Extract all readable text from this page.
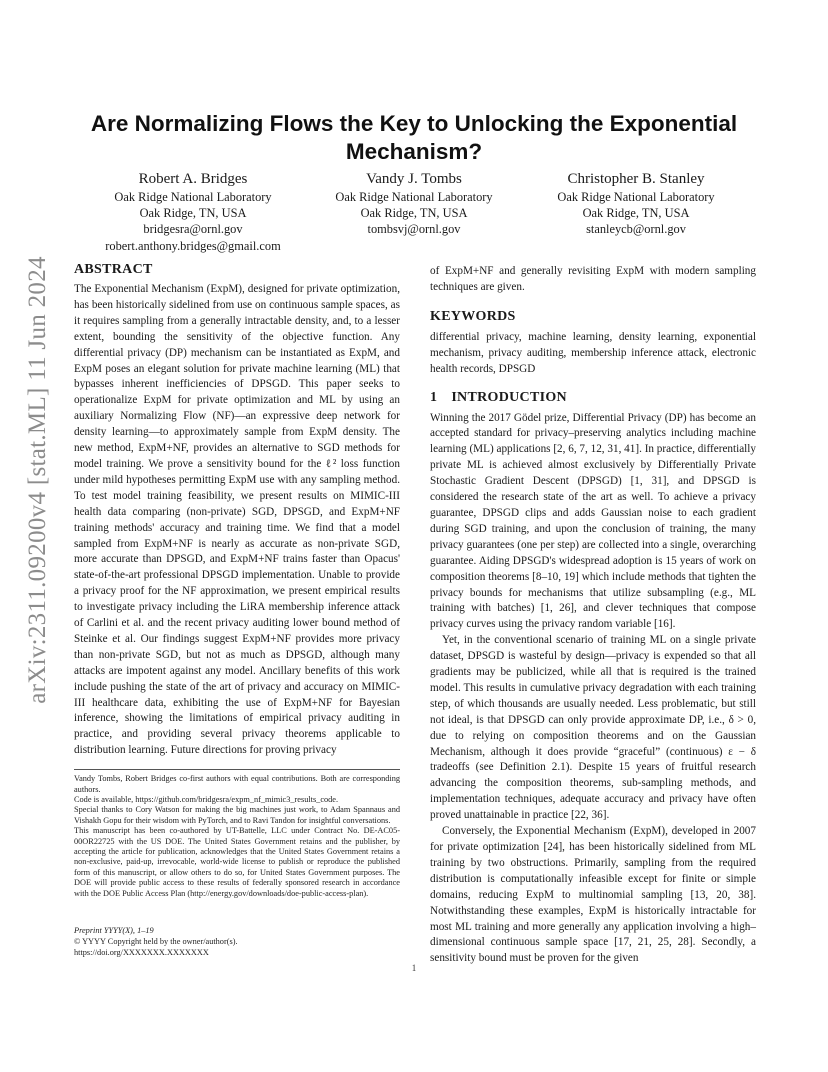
arXiv:2311.09200v4 [stat.ML] 11 Jun 2024
Are Normalizing Flows the Key to Unlocking the Exponential Mechanism?
Robert A. Bridges
Oak Ridge National Laboratory
Oak Ridge, TN, USA
bridgesra@ornl.gov
robert.anthony.bridges@gmail.com
Vandy J. Tombs
Oak Ridge National Laboratory
Oak Ridge, TN, USA
tombsvj@ornl.gov
Christopher B. Stanley
Oak Ridge National Laboratory
Oak Ridge, TN, USA
stanleycb@ornl.gov
ABSTRACT

The Exponential Mechanism (ExpM), designed for private optimization, has been historically sidelined from use on continuous sample spaces, as it requires sampling from a generally intractable density, and, to a lesser extent, bounding the sensitivity of the objective function. Any differential privacy (DP) mechanism can be instantiated as ExpM, and ExpM poses an elegant solution for private machine learning (ML) that bypasses inherent inefficiencies of DPSGD. This paper seeks to operationalize ExpM for private optimization and ML by using an auxiliary Normalizing Flow (NF)—an expressive deep network for density learning—to approximately sample from ExpM density. The new method, ExpM+NF, provides an alternative to SGD methods for model training. We prove a sensitivity bound for the ℓ² loss function under mild hypotheses permitting ExpM use with any sampling method. To test model training feasibility, we present results on MIMIC-III health data comparing (non-private) SGD, DPSGD, and ExpM+NF training methods' accuracy and training time. We find that a model sampled from ExpM+NF is nearly as accurate as non-private SGD, more accurate than DPSGD, and ExpM+NF trains faster than Opacus' state-of-the-art professional DPSGD implementation. Unable to provide a privacy proof for the NF approximation, we present empirical results to investigate privacy including the LiRA membership inference attack of Carlini et al. and the recent privacy auditing lower bound method of Steinke et al. Our findings suggest ExpM+NF provides more privacy than non-private SGD, but not as much as DPSGD, although many attacks are impotent against any model. Ancillary benefits of this work include pushing the state of the art of privacy and accuracy on MIMIC-III healthcare data, exhibiting the use of ExpM+NF for Bayesian inference, showing the limitations of empirical privacy auditing in practice, and providing several privacy theorems applicable to distribution learning. Future directions for proving privacy

Vandy Tombs, Robert Bridges co-first authors with equal contributions. Both are corresponding authors.

Code is available, https://github.com/bridgesra/expm_nf_mimic3_results_code.

Special thanks to Cory Watson for making the big machines just work, to Adam Spannaus and Vishakh Gopu for their wisdom with PyTorch, and to Ravi Tandon for insightful conversations.

This manuscript has been co-authored by UT-Battelle, LLC under Contract No. DE-AC05-00OR22725 with the US DOE. The United States Government retains and the publisher, by accepting the article for publication, acknowledges that the United States Government retains a non-exclusive, paid-up, irrevocable, world-wide license to publish or reproduce the published form of this manuscript, or allow others to do so, for United States Government purposes. The DOE will provide public access to these results of federally sponsored research in accordance with the DOE Public Access Plan (http://energy.gov/downloads/doe-public-access-plan).

Preprint YYYY(X), 1–19
© YYYY Copyright held by the owner/author(s).
https://doi.org/XXXXXXX.XXXXXXX

of ExpM+NF and generally revisiting ExpM with modern sampling techniques are given.

KEYWORDS

differential privacy, machine learning, density learning, exponential mechanism, privacy auditing, membership inference attack, electronic health records, DPSGD

1 INTRODUCTION

Winning the 2017 Gödel prize, Differential Privacy (DP) has become an accepted standard for privacy–preserving analytics including machine learning (ML) applications [2, 6, 7, 12, 31, 41]. In practice, differentially private ML is achieved almost exclusively by Differentially Private Stochastic Gradient Descent (DPSGD) [1, 31], and DPSGD is considered the research state of the art as well. To achieve a privacy guarantee, DPSGD clips and adds Gaussian noise to each gradient during SGD training, and upon the conclusion of training, the many privacy guarantees (one per step) are collected into a single, overarching guarantee. Aiding DPSGD's widespread adoption is 15 years of work on composition theorems [8–10, 19] which include methods that tighten the privacy bounds for mechanisms that utilize subsampling (e.g., ML training with batches) [1, 26], and clever techniques that compose privacy curves using the privacy random variable [16].

Yet, in the conventional scenario of training ML on a single private dataset, DPSGD is wasteful by design—privacy is expended so that all gradients may be publicized, while all that is required is the trained model. This results in cumulative privacy degradation with each training step, of which thousands are usually needed. Less problematic, but still not ideal, is that DPSGD can only provide approximate DP, i.e., δ > 0, due to relying on composition theorems and on the Gaussian Mechanism, although it does provide “graceful” (continuous) ε − δ tradeoffs (see Definition 2.1). Despite 15 years of fruitful research advancing the composition theorems, sub-sampling methods, and implementation techniques, adequate accuracy and privacy have often proved unattainable in practice [22, 36].

Conversely, the Exponential Mechanism (ExpM), developed in 2007 for private optimization [24], has been historically sidelined from ML training by two obstructions. Primarily, sampling from the required distribution is computationally infeasible except for finite or simple domains, reducing ExpM to multinomial sampling [13, 20, 38]. Notwithstanding these examples, ExpM is historically intractable for most ML training and more generally any application involving a high–dimensional continuous sample space [17, 21, 25, 28]. Secondly, a sensitivity bound must be proven for the given

1
